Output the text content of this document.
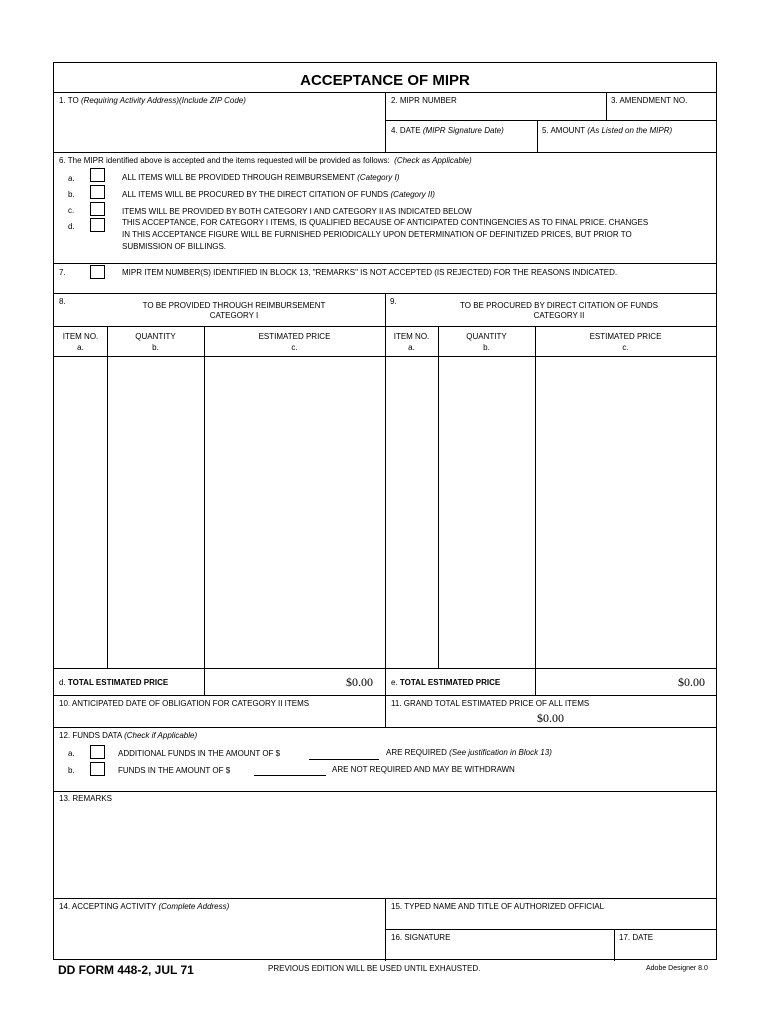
ACCEPTANCE OF MIPR
1. TO (Requiring Activity Address)(Include ZIP Code)	2. MIPR NUMBER	3. AMENDMENT NO.
4. DATE (MIPR Signature Date)	5. AMOUNT (As Listed on the MIPR)
6. The MIPR identified above is accepted and the items requested will be provided as follows: (Check as Applicable)
a.	ALL ITEMS WILL BE PROVIDED THROUGH REIMBURSEMENT (Category I)
b.	ALL ITEMS WILL BE PROCURED BY THE DIRECT CITATION OF FUNDS (Category II)
c.	ITEMS WILL BE PROVIDED BY BOTH CATEGORY I AND CATEGORY II AS INDICATED BELOW
d.	THIS ACCEPTANCE, FOR CATEGORY I ITEMS, IS QUALIFIED BECAUSE OF ANTICIPATED CONTINGENCIES AS TO FINAL PRICE. CHANGES
IN THIS ACCEPTANCE FIGURE WILL BE FURNISHED PERIODICALLY UPON DETERMINATION OF DEFINITIZED PRICES, BUT PRIOR TO
SUBMISSION OF BILLINGS.
7.	MIPR ITEM NUMBER(S) IDENTIFIED IN BLOCK 13, "REMARKS" IS NOT ACCEPTED (IS REJECTED) FOR THE REASONS INDICATED.
8.	TO BE PROVIDED THROUGH REIMBURSEMENT
CATEGORY I
9.	TO BE PROCURED BY DIRECT CITATION OF FUNDS
CATEGORY II
ITEM NO.
a.
QUANTITY
b.
ESTIMATED PRICE
c.
ITEM NO.
a.
QUANTITY
b.
ESTIMATED PRICE
c.
d. TOTAL ESTIMATED PRICE	$0.00 e. TOTAL ESTIMATED PRICE	$0.00
10. ANTICIPATED DATE OF OBLIGATION FOR CATEGORY II ITEMS	11. GRAND TOTAL ESTIMATED PRICE OF ALL ITEMS
$0.00
12. FUNDS DATA (Check if Applicable)
a.	ADDITIONAL FUNDS IN THE AMOUNT OF $	ARE REQUIRED (See justification in Block 13)
b.	FUNDS IN THE AMOUNT OF $	ARE NOT REQUIRED AND MAY BE WITHDRAWN
13. REMARKS
14. ACCEPTING ACTIVITY (Complete Address)	15. TYPED NAME AND TITLE OF AUTHORIZED OFFICIAL
16. SIGNATURE	17. DATE
DD FORM 448-2, JUL 71	PREVIOUS EDITION WILL BE USED UNTIL EXHAUSTED.	Adobe Designer 8.0
